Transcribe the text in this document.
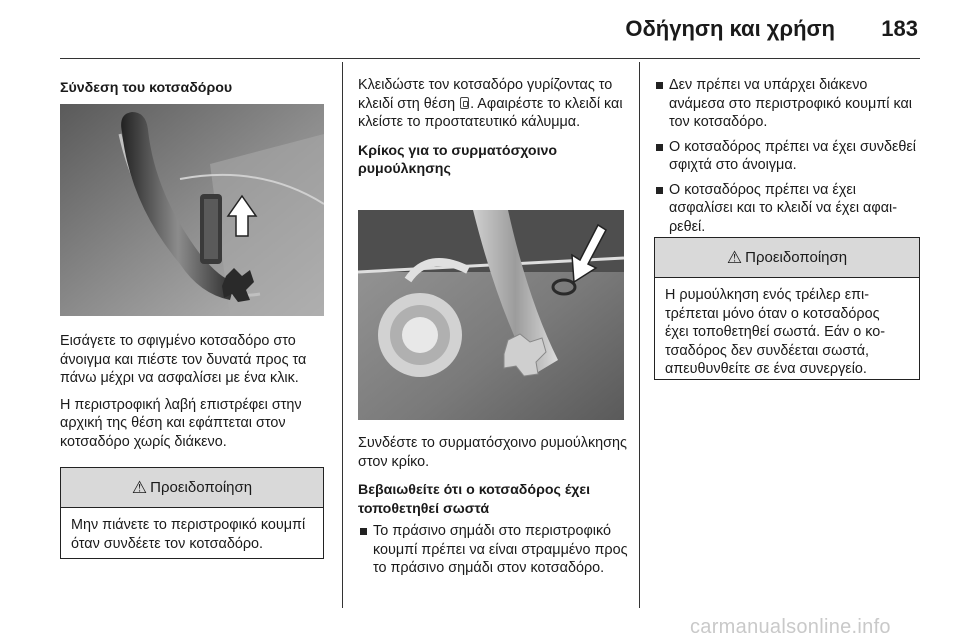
Οδήγηση και χρήση	183
Σύνδεση του κοτσαδόρου

Εισάγετε το σφιγμένο κοτσαδόρο στο άνοιγμα και πιέστε τον δυνατά προς τα πάνω μέχρι να ασφαλίσει με ένα κλικ.

Η περιστροφική λαβή επιστρέφει στην αρχική της θέση και εφάπτεται στον κοτσαδόρο χωρίς διάκενο.

⚠ Προειδοποίηση
Μην πιάνετε το περιστροφικό κουμπί όταν συνδέετε τον κοτσαδόρο.

Κλειδώστε τον κοτσαδόρο γυρίζοντας το κλειδί στη θέση . Αφαιρέστε το κλειδί και κλείστε το προστατευτικό κάλυμμα.

Κρίκος για το συρματόσχοινο ρυμούλκησης

Συνδέστε το συρματόσχοινο ρυμούλκησης στον κρίκο.

Βεβαιωθείτε ότι ο κοτσαδόρος έχει τοποθετηθεί σωστά

Το πράσινο σημάδι στο περιστροφικό κουμπί πρέπει να είναι στραμμένο προς το πράσινο σημάδι στον κοτσαδόρο.
Δεν πρέπει να υπάρχει διάκενο ανάμεσα στο περιστροφικό κουμπί και τον κοτσαδόρο.
Ο κοτσαδόρος πρέπει να έχει συνδεθεί σφιχτά στο άνοιγμα.
Ο κοτσαδόρος πρέπει να έχει ασφαλίσει και το κλειδί να έχει αφαιρεθεί.
⚠ Προειδοποίηση
Η ρυμούλκηση ενός τρέιλερ επιτρέπεται μόνο όταν ο κοτσαδόρος έχει τοποθετηθεί σωστά. Εάν ο κοτσαδόρος δεν συνδέεται σωστά, απευθυνθείτε σε ένα συνεργείο.
carmanualsonline.info
